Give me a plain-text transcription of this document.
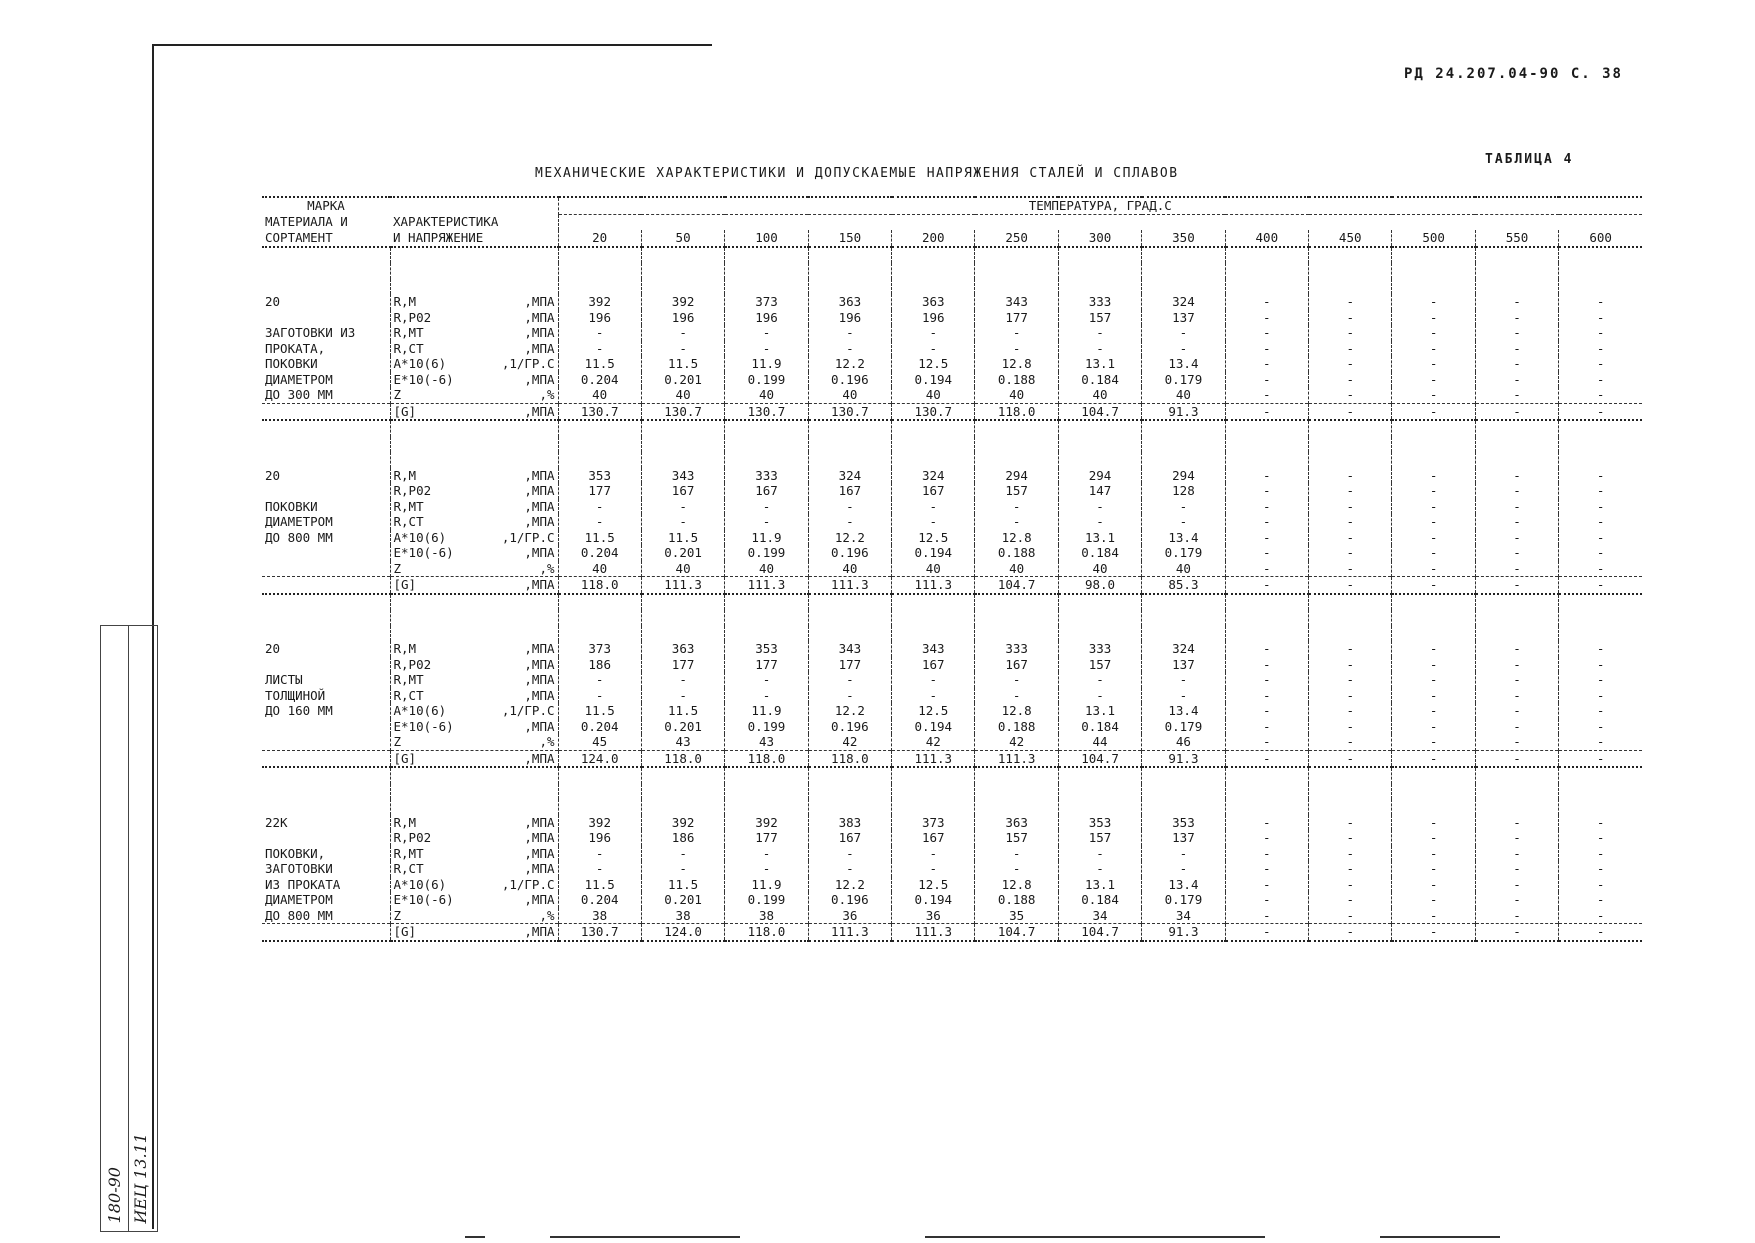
РД 24.207.04-90 С. 38
ТАБЛИЦА 4
МЕХАНИЧЕСКИЕ ХАРАКТЕРИСТИКИ И ДОПУСКАЕМЫЕ НАПРЯЖЕНИЯ СТАЛЕЙ И СПЛАВОВ
180-90 ИЕЦ 13.11
МАРКА		ТЕМПЕРАТУРА, ГРАД.С												
МАТЕРИАЛА И	ХАРАКТЕРИСТИКА													
СОРТАМЕНТ	И НАПРЯЖЕНИЕ	20	50	100	150	200	250	300	350	400	450	500	550	600

20	R,M ,МПА	392	392	373	363	363	343	333	324	-	-	-	-	-
	R,P02 ,МПА	196	196	196	196	196	177	157	137	-	-	-	-	-
ЗАГОТОВКИ ИЗ	R,MT ,МПА	-	-	-	-	-	-	-	-	-	-	-	-	-
ПРОКАТА,	R,CT ,МПА	-	-	-	-	-	-	-	-	-	-	-	-	-
ПОКОВКИ	A*10(6) ,1/ГР.С	11.5	11.5	11.9	12.2	12.5	12.8	13.1	13.4	-	-	-	-	-
ДИАМЕТРОМ	E*10(-6) ,МПА	0.204	0.201	0.199	0.196	0.194	0.188	0.184	0.179	-	-	-	-	-
ДО 300 ММ	Z ,%	40	40	40	40	40	40	40	40	-	-	-	-	-
	[G] ,МПА	130.7	130.7	130.7	130.7	130.7	118.0	104.7	91.3	-	-	-	-	-

20	R,M ,МПА	353	343	333	324	324	294	294	294	-	-	-	-	-
	R,P02 ,МПА	177	167	167	167	167	157	147	128	-	-	-	-	-
ПОКОВКИ	R,MT ,МПА	-	-	-	-	-	-	-	-	-	-	-	-	-
ДИАМЕТРОМ	R,CT ,МПА	-	-	-	-	-	-	-	-	-	-	-	-	-
ДО 800 ММ	A*10(6) ,1/ГР.С	11.5	11.5	11.9	12.2	12.5	12.8	13.1	13.4	-	-	-	-	-
	E*10(-6) ,МПА	0.204	0.201	0.199	0.196	0.194	0.188	0.184	0.179	-	-	-	-	-
	Z ,%	40	40	40	40	40	40	40	40	-	-	-	-	-
	[G] ,МПА	118.0	111.3	111.3	111.3	111.3	104.7	98.0	85.3	-	-	-	-	-

20	R,M ,МПА	373	363	353	343	343	333	333	324	-	-	-	-	-
	R,P02 ,МПА	186	177	177	177	167	167	157	137	-	-	-	-	-
ЛИСТЫ	R,MT ,МПА	-	-	-	-	-	-	-	-	-	-	-	-	-
ТОЛЩИНОЙ	R,CT ,МПА	-	-	-	-	-	-	-	-	-	-	-	-	-
ДО 160 ММ	A*10(6) ,1/ГР.С	11.5	11.5	11.9	12.2	12.5	12.8	13.1	13.4	-	-	-	-	-
	E*10(-6) ,МПА	0.204	0.201	0.199	0.196	0.194	0.188	0.184	0.179	-	-	-	-	-
	Z ,%	45	43	43	42	42	42	44	46	-	-	-	-	-
	[G] ,МПА	124.0	118.0	118.0	118.0	111.3	111.3	104.7	91.3	-	-	-	-	-

22К	R,M ,МПА	392	392	392	383	373	363	353	353	-	-	-	-	-
	R,P02 ,МПА	196	186	177	167	167	157	157	137	-	-	-	-	-
ПОКОВКИ,	R,MT ,МПА	-	-	-	-	-	-	-	-	-	-	-	-	-
ЗАГОТОВКИ	R,CT ,МПА	-	-	-	-	-	-	-	-	-	-	-	-	-
ИЗ ПРОКАТА	A*10(6) ,1/ГР.С	11.5	11.5	11.9	12.2	12.5	12.8	13.1	13.4	-	-	-	-	-
ДИАМЕТРОМ	E*10(-6) ,МПА	0.204	0.201	0.199	0.196	0.194	0.188	0.184	0.179	-	-	-	-	-
ДО 800 ММ	Z ,%	38	38	38	36	36	35	34	34	-	-	-	-	-
	[G] ,МПА	130.7	124.0	118.0	111.3	111.3	104.7	104.7	91.3	-	-	-	-	-
